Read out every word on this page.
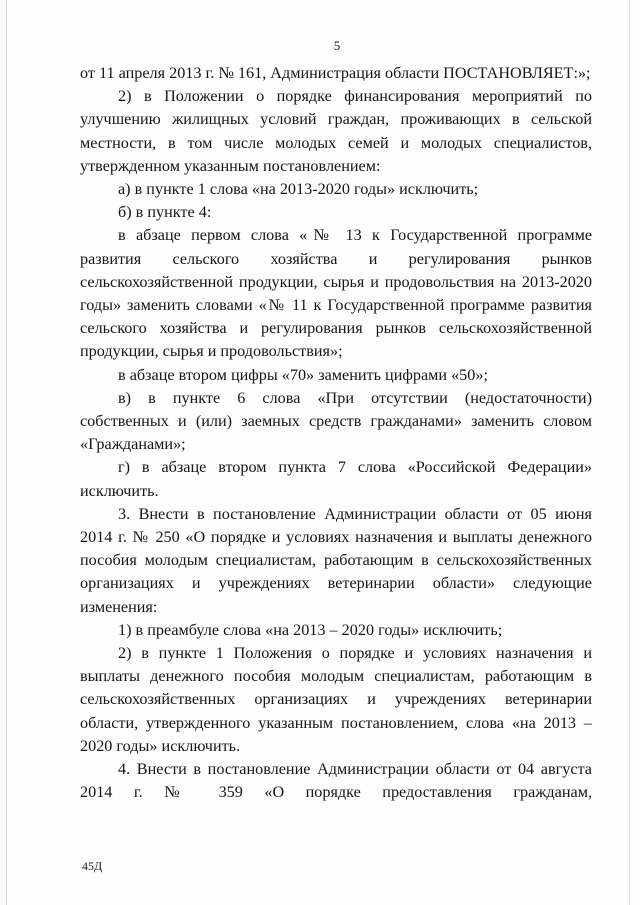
5

от 11 апреля 2013 г. № 161, Администрация области ПОСТАНОВЛЯЕТ:»;

2) в Положении о порядке финансирования мероприятий по улучшению жилищных условий граждан, проживающих в сельской местности, в том числе молодых семей и молодых специалистов, утвержденном указанным постановлением:

а) в пункте 1 слова «на 2013-2020 годы» исключить;

б) в пункте 4:

в абзаце первом слова «№ 13 к Государственной программе развития сельского хозяйства и регулирования рынков сельскохозяйственной продукции, сырья и продовольствия на 2013-2020 годы» заменить словами «№ 11 к Государственной программе развития сельского хозяйства и регулирования рынков сельскохозяйственной продукции, сырья и продовольствия»;

в абзаце втором цифры «70» заменить цифрами «50»;

в) в пункте 6 слова «При отсутствии (недостаточности) собственных и (или) заемных средств гражданами» заменить словом «Гражданами»;

г) в абзаце втором пункта 7 слова «Российской Федерации» исключить.

3. Внести в постановление Администрации области от 05 июня 2014 г. № 250 «О порядке и условиях назначения и выплаты денежного пособия молодым специалистам, работающим в сельскохозяйственных организациях и учреждениях ветеринарии области» следующие изменения:

1) в преамбуле слова «на 2013 – 2020 годы» исключить;

2) в пункте 1 Положения о порядке и условиях назначения и выплаты денежного пособия молодым специалистам, работающим в сельскохозяйственных организациях и учреждениях ветеринарии области, утвержденного указанным постановлением, слова «на 2013 – 2020 годы» исключить.

4. Внести в постановление Администрации области от 04 августа 2014 г. № 359 «О порядке предоставления гражданам,

45Д
